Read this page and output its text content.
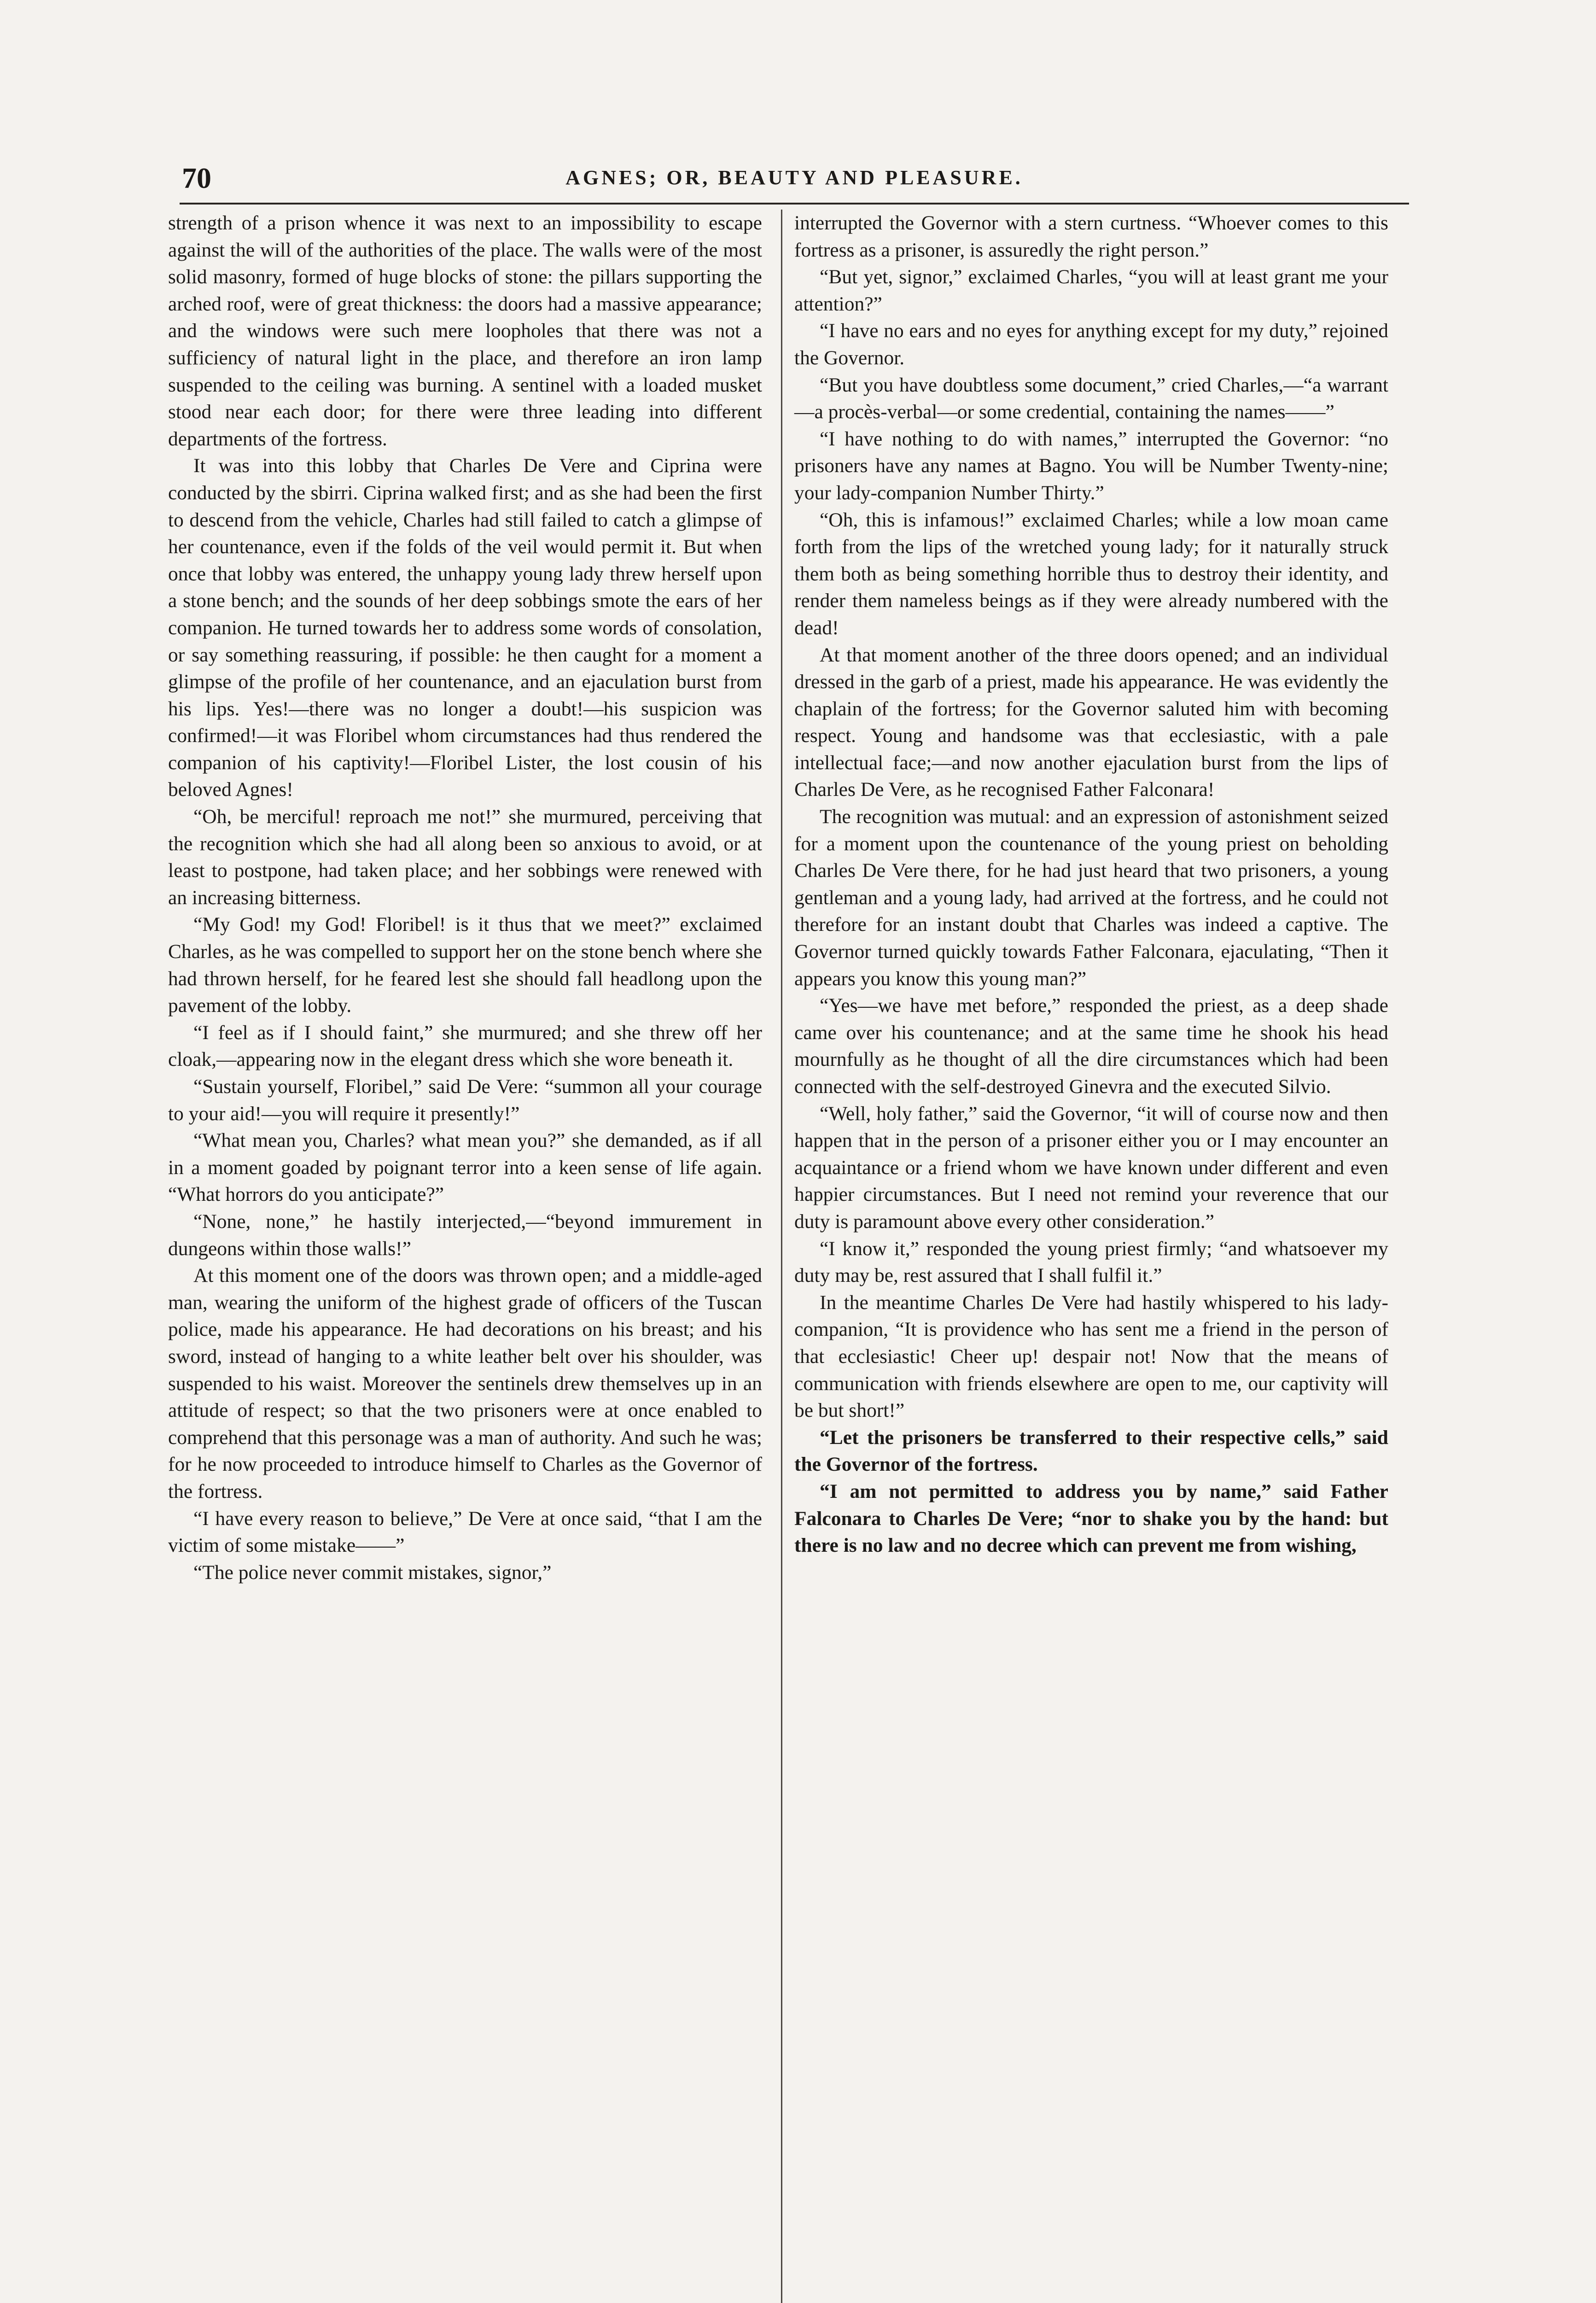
70	AGNES; OR, BEAUTY AND PLEASURE.

strength of a prison whence it was next to an impossibility to escape against the will of the authorities of the place. The walls were of the most solid masonry, formed of huge blocks of stone: the pillars supporting the arched roof, were of great thickness: the doors had a massive appearance; and the windows were such mere loopholes that there was not a sufficiency of natural light in the place, and therefore an iron lamp suspended to the ceiling was burning. A sentinel with a loaded musket stood near each door; for there were three leading into different departments of the fortress.

It was into this lobby that Charles De Vere and Ciprina were conducted by the sbirri. Ciprina walked first; and as she had been the first to descend from the vehicle, Charles had still failed to catch a glimpse of her countenance, even if the folds of the veil would permit it. But when once that lobby was entered, the unhappy young lady threw herself upon a stone bench; and the sounds of her deep sobbings smote the ears of her companion. He turned towards her to address some words of consolation, or say something reassuring, if possible: he then caught for a moment a glimpse of the profile of her countenance, and an ejaculation burst from his lips. Yes!—there was no longer a doubt!—his suspicion was confirmed!—it was Floribel whom circumstances had thus rendered the companion of his captivity!—Floribel Lister, the lost cousin of his beloved Agnes!

“Oh, be merciful! reproach me not!” she murmured, perceiving that the recognition which she had all along been so anxious to avoid, or at least to postpone, had taken place; and her sobbings were renewed with an increasing bitterness.

“My God! my God! Floribel! is it thus that we meet?” exclaimed Charles, as he was compelled to support her on the stone bench where she had thrown herself, for he feared lest she should fall headlong upon the pavement of the lobby.

“I feel as if I should faint,” she murmured; and she threw off her cloak,—appearing now in the elegant dress which she wore beneath it.

“Sustain yourself, Floribel,” said De Vere: “summon all your courage to your aid!—you will require it presently!”

“What mean you, Charles? what mean you?” she demanded, as if all in a moment goaded by poignant terror into a keen sense of life again. “What horrors do you anticipate?”

“None, none,” he hastily interjected,—“beyond immurement in dungeons within those walls!”

At this moment one of the doors was thrown open; and a middle-aged man, wearing the uniform of the highest grade of officers of the Tuscan police, made his appearance. He had decorations on his breast; and his sword, instead of hanging to a white leather belt over his shoulder, was suspended to his waist. Moreover the sentinels drew themselves up in an attitude of respect; so that the two prisoners were at once enabled to comprehend that this personage was a man of authority. And such he was; for he now proceeded to introduce himself to Charles as the Governor of the fortress.

“I have every reason to believe,” De Vere at once said, “that I am the victim of some mistake——”

“The police never commit mistakes, signor,”

interrupted the Governor with a stern curtness. “Whoever comes to this fortress as a prisoner, is assuredly the right person.”

“But yet, signor,” exclaimed Charles, “you will at least grant me your attention?”

“I have no ears and no eyes for anything except for my duty,” rejoined the Governor.

“But you have doubtless some document,” cried Charles,—“a warrant—a procès-verbal—or some credential, containing the names——”

“I have nothing to do with names,” interrupted the Governor: “no prisoners have any names at Bagno. You will be Number Twenty-nine; your lady-companion Number Thirty.”

“Oh, this is infamous!” exclaimed Charles; while a low moan came forth from the lips of the wretched young lady; for it naturally struck them both as being something horrible thus to destroy their identity, and render them nameless beings as if they were already numbered with the dead!

At that moment another of the three doors opened; and an individual dressed in the garb of a priest, made his appearance. He was evidently the chaplain of the fortress; for the Governor saluted him with becoming respect. Young and handsome was that ecclesiastic, with a pale intellectual face;—and now another ejaculation burst from the lips of Charles De Vere, as he recognised Father Falconara!

The recognition was mutual: and an expression of astonishment seized for a moment upon the countenance of the young priest on beholding Charles De Vere there, for he had just heard that two prisoners, a young gentleman and a young lady, had arrived at the fortress, and he could not therefore for an instant doubt that Charles was indeed a captive. The Governor turned quickly towards Father Falconara, ejaculating, “Then it appears you know this young man?”

“Yes—we have met before,” responded the priest, as a deep shade came over his countenance; and at the same time he shook his head mournfully as he thought of all the dire circumstances which had been connected with the self-destroyed Ginevra and the executed Silvio.

“Well, holy father,” said the Governor, “it will of course now and then happen that in the person of a prisoner either you or I may encounter an acquaintance or a friend whom we have known under different and even happier circumstances. But I need not remind your reverence that our duty is paramount above every other consideration.”

“I know it,” responded the young priest firmly; “and whatsoever my duty may be, rest assured that I shall fulfil it.”

In the meantime Charles De Vere had hastily whispered to his lady-companion, “It is providence who has sent me a friend in the person of that ecclesiastic! Cheer up! despair not! Now that the means of communication with friends elsewhere are open to me, our captivity will be but short!”

“Let the prisoners be transferred to their respective cells,” said the Governor of the fortress.

“I am not permitted to address you by name,” said Father Falconara to Charles De Vere; “nor to shake you by the hand: but there is no law and no decree which can prevent me from wishing,
